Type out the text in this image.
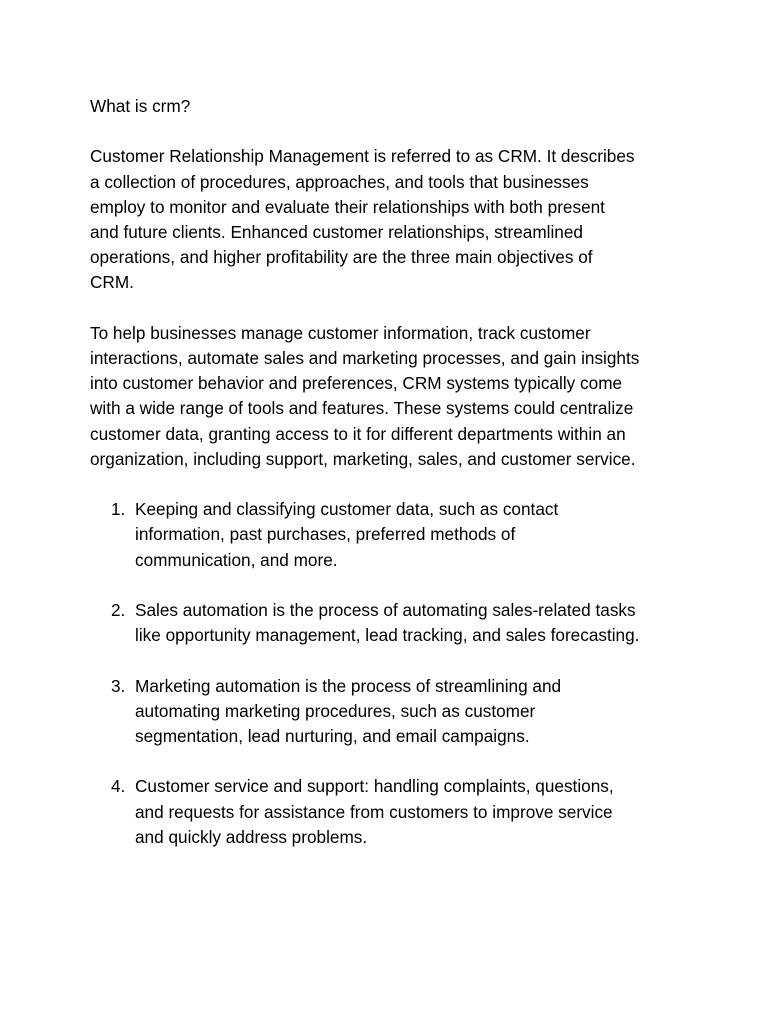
What is crm?
Customer Relationship Management is referred to as CRM. It describes
a collection of procedures, approaches, and tools that businesses
employ to monitor and evaluate their relationships with both present
and future clients. Enhanced customer relationships, streamlined
operations, and higher profitability are the three main objectives of
CRM.
To help businesses manage customer information, track customer
interactions, automate sales and marketing processes, and gain insights
into customer behavior and preferences, CRM systems typically come
with a wide range of tools and features. These systems could centralize
customer data, granting access to it for different departments within an
organization, including support, marketing, sales, and customer service.
1. Keeping and classifying customer data, such as contact
information, past purchases, preferred methods of
communication, and more.
2. Sales automation is the process of automating sales-related tasks
like opportunity management, lead tracking, and sales forecasting.
3. Marketing automation is the process of streamlining and
automating marketing procedures, such as customer
segmentation, lead nurturing, and email campaigns.
4. Customer service and support: handling complaints, questions,
and requests for assistance from customers to improve service
and quickly address problems.
